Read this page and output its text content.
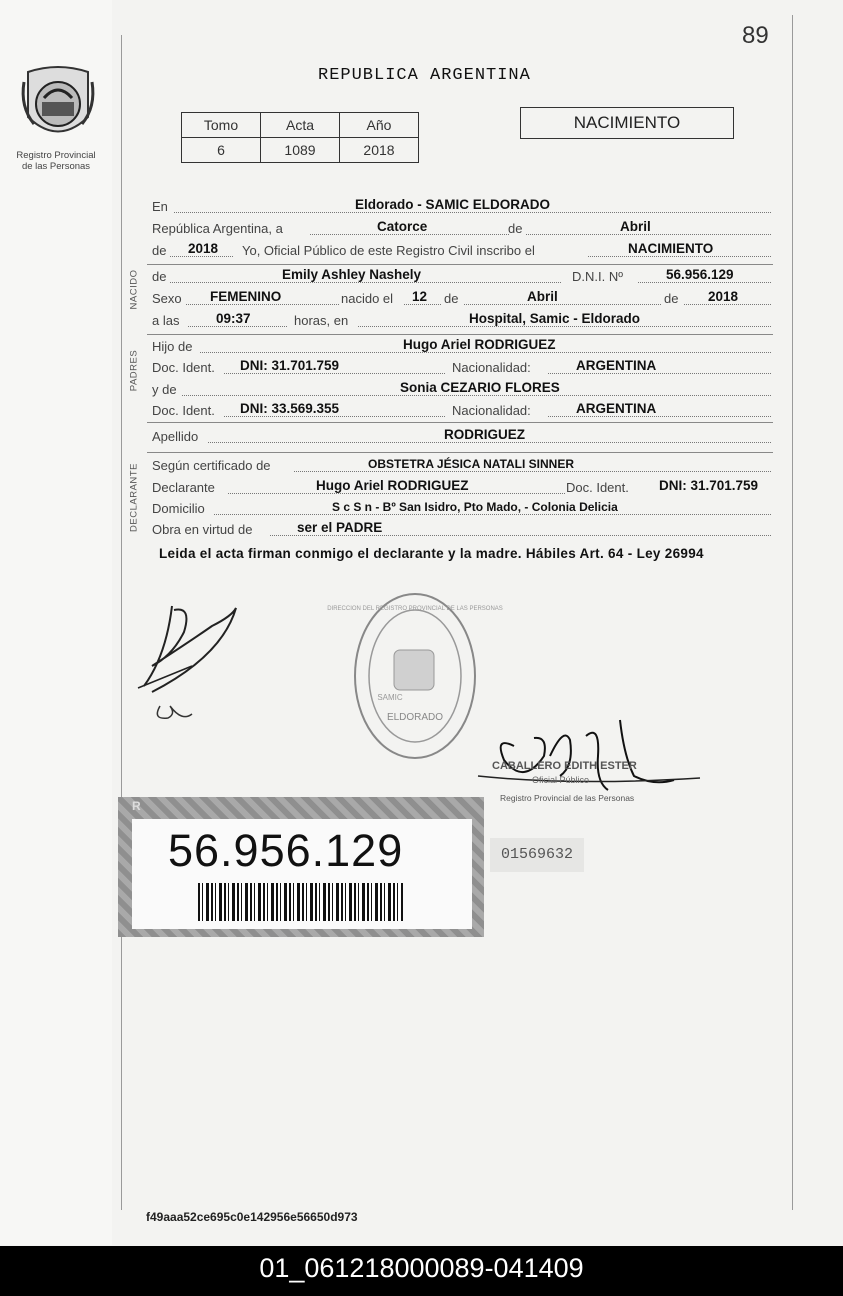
89
Registro Provincial
de las Personas
REPUBLICA ARGENTINA
Tomo	Acta	Año
6	1089	2018
NACIMIENTO
En	Eldorado - SAMIC ELDORADO
República Argentina, a	Catorce	de	Abril
de 2018 Yo, Oficial Público de este Registro Civil inscribo el	NACIMIENTO
NACIDO de	Emily Ashley Nashely	D.N.I. Nº	56.956.129
Sexo FEMENINO	nacido el 12 de	Abril	de 2018
a las	09:37	horas, en	Hospital, Samic - Eldorado
PADRES
Hijo de	Hugo Ariel RODRIGUEZ
Doc. Ident. DNI: 31.701.759	Nacionalidad:	ARGENTINA
y de	Sonia CEZARIO FLORES
Doc. Ident. DNI: 33.569.355	Nacionalidad:	ARGENTINA
Apellido	RODRIGUEZ
DECLARANTE Según certificado de	OBSTETRA JÉSICA NATALI SINNER
Declarante	Hugo Ariel RODRIGUEZ	Doc. Ident. DNI: 31.701.759
Domicilio	S c S n - Bº San Isidro, Pto Mado, - Colonia Delicia
Obra en virtud de	ser el PADRE
Leida el acta firman conmigo el declarante y la madre. Hábiles Art. 64 - Ley 26994
ELDORADO
SAMIC
DIRECCION DEL REGISTRO PROVINCIAL DE LAS PERSONAS
CABALLERO EDITH ESTER
Oficial Público
Registro Provincial de las Personas
R
56.956.129	01569632
f49aaa52ce695c0e142956e56650d973
01_061218000089-041409
